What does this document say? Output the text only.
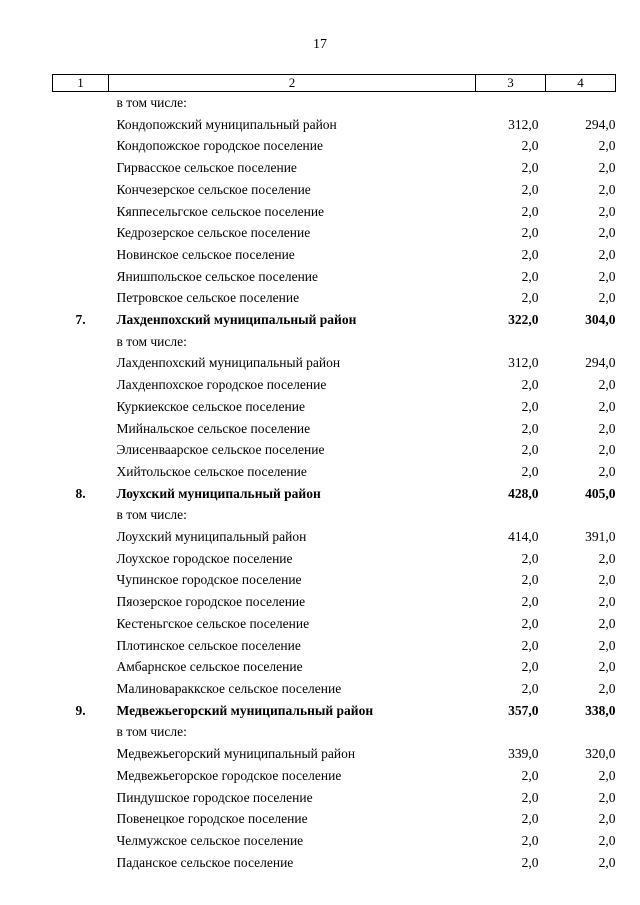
17
1	2	3	4
	в том числе:		
	Кондопожский муниципальный район	312,0	294,0
	Кондопожское городское поселение	2,0	2,0
	Гирвасское сельское поселение	2,0	2,0
	Кончезерское сельское поселение	2,0	2,0
	Кяппесельгское сельское поселение	2,0	2,0
	Кедрозерское сельское поселение	2,0	2,0
	Новинское сельское поселение	2,0	2,0
	Янишпольское сельское поселение	2,0	2,0
	Петровское сельское поселение	2,0	2,0
7.	Лахденпохский муниципальный район	322,0	304,0
	в том числе:		
	Лахденпохский муниципальный район	312,0	294,0
	Лахденпохское городское поселение	2,0	2,0
	Куркиекское сельское поселение	2,0	2,0
	Мийнальское сельское поселение	2,0	2,0
	Элисенваарское сельское поселение	2,0	2,0
	Хийтольское сельское поселение	2,0	2,0
8.	Лоухский муниципальный район	428,0	405,0
	в том числе:		
	Лоухский муниципальный район	414,0	391,0
	Лоухское городское поселение	2,0	2,0
	Чупинское городское поселение	2,0	2,0
	Пяозерское городское поселение	2,0	2,0
	Кестеньгское сельское поселение	2,0	2,0
	Плотинское сельское поселение	2,0	2,0
	Амбарнское сельское поселение	2,0	2,0
	Малиновараккское сельское поселение	2,0	2,0
9.	Медвежьегорский муниципальный район	357,0	338,0
	в том числе:		
	Медвежьегорский муниципальный район	339,0	320,0
	Медвежьегорское городское поселение	2,0	2,0
	Пиндушское городское поселение	2,0	2,0
	Повенецкое городское поселение	2,0	2,0
	Челмужское сельское поселение	2,0	2,0
	Паданское сельское поселение	2,0	2,0
